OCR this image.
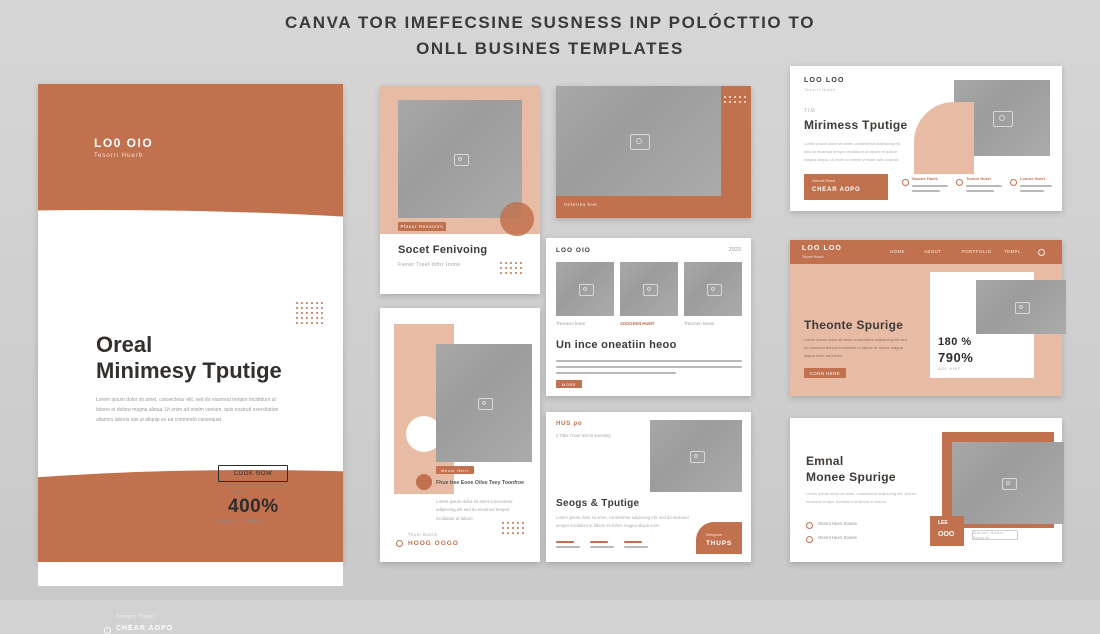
CANVA TOR IMEFECSINE SUSNESS INP POLÓCTTIO TO
ONLL BUSINES TEMPLATES
LO0 OIO
Tesorri Huerb
Oreal
Minimesy Tputige
Lorem ipsum dolor sit amet, consectetur elit, sed do eiusmod tempor incididunt ut labore et dolore magna aliqua. Ut enim ad minim veniam, quis nostrud exercitation ullamco laboris nisi ut aliquip ex ea commodo consequat.
COOK NOW
use
400%
LO4 HUER HIEEF
Temprr Thuer
CHEAR AOPO
Pleuur Reeoonrn
Socet Fenivoing
Fiener Treet Inftrr Inone
Onferreo hret
Meoor Herrt
Fhue tree Eooe Oilee Teey Toonfroe
Lorem ipsum dolor sit amet consectetur adipiscing elit sed do eiusmod tempor incididunt ut labore.
Thuer Buntin
HOOG OGGO
LOO OIO	2023
Treoneen hoeor	SOGGEEN HUER	Treconen hoeon
Un ince oneatiin heoo
MORE
HUS po
2 Tithe Tnoer teel to teenomg
Seogs & Tputige
Lorem ipsum dolor sit amet, consectetur adipiscing elit, sed do eiusmod tempor incididunt ut labore et dolore magna aliqua enim.
Seegoorr
THUPS
LOO LOO
Tesorri Huerb
TIM
Mirimess Tputige
Lorem ipsum dolor sit amet, consectetur adipiscing elit, sed do eiusmod tempor incididunt ut labore et dolore magna aliqua. Ut enim ad minim veniam quis nostrud.
Oeront Huerr
CHEAR AOPO
Soonre Huert	Toonre Huert	Loonre Huert
LOO LOO
Tesorri Huerb
HOME	ABOUT	PORTFOLIO	TEMPL
Theonte Spurige
Lorem ipsum dolor sit amet consectetur adipiscing elit sed do eiusmod tempor incididunt ut labore et dolore magna aliqua enim ad minim.
CONN HERE
180 %
790%
AOL HIEF
Emnal
Monee Spurige
Lorem ipsum dolor sit amet, consectetur adipiscing elit, sed do eiusmod tempor incididunt ut labore et dolore.
Oeront Huerr Soonre
Oeront Huerr Soonre
LEE
OOO	Oeront Huerr Soonre
